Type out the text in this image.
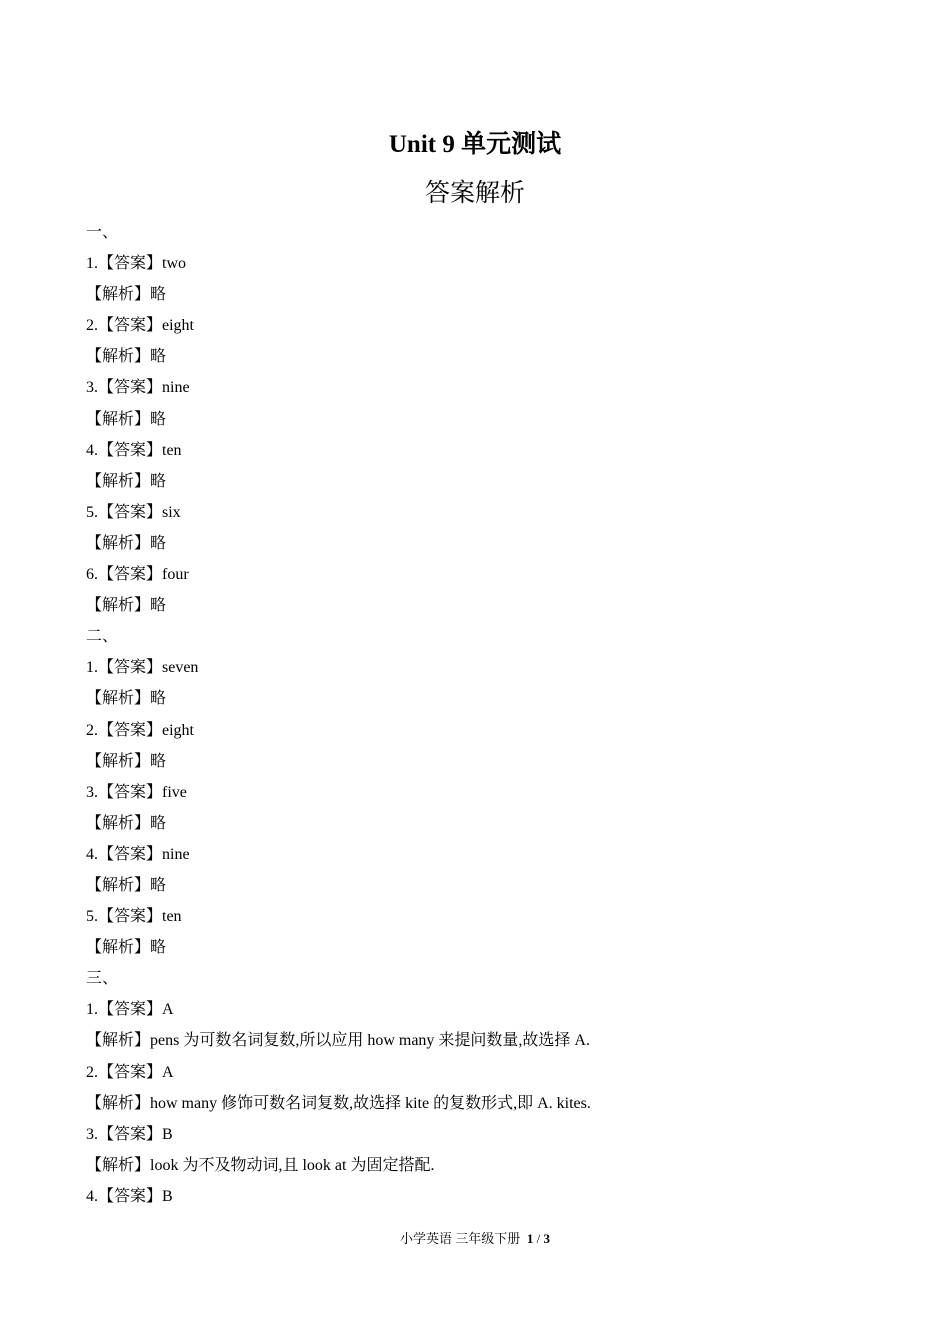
Unit 9 单元测试
答案解析
一、
1.【答案】two
【解析】略
2.【答案】eight
【解析】略
3.【答案】nine
【解析】略
4.【答案】ten
【解析】略
5.【答案】six
【解析】略
6.【答案】four
【解析】略
二、
1.【答案】seven
【解析】略
2.【答案】eight
【解析】略
3.【答案】five
【解析】略
4.【答案】nine
【解析】略
5.【答案】ten
【解析】略
三、
1.【答案】A
【解析】pens 为可数名词复数,所以应用 how many 来提问数量,故选择 A.
2.【答案】A
【解析】how many 修饰可数名词复数,故选择 kite 的复数形式,即 A. kites.
3.【答案】B
【解析】look 为不及物动词,且 look at 为固定搭配.
4.【答案】B
小学英语 三年级下册 1 / 3
